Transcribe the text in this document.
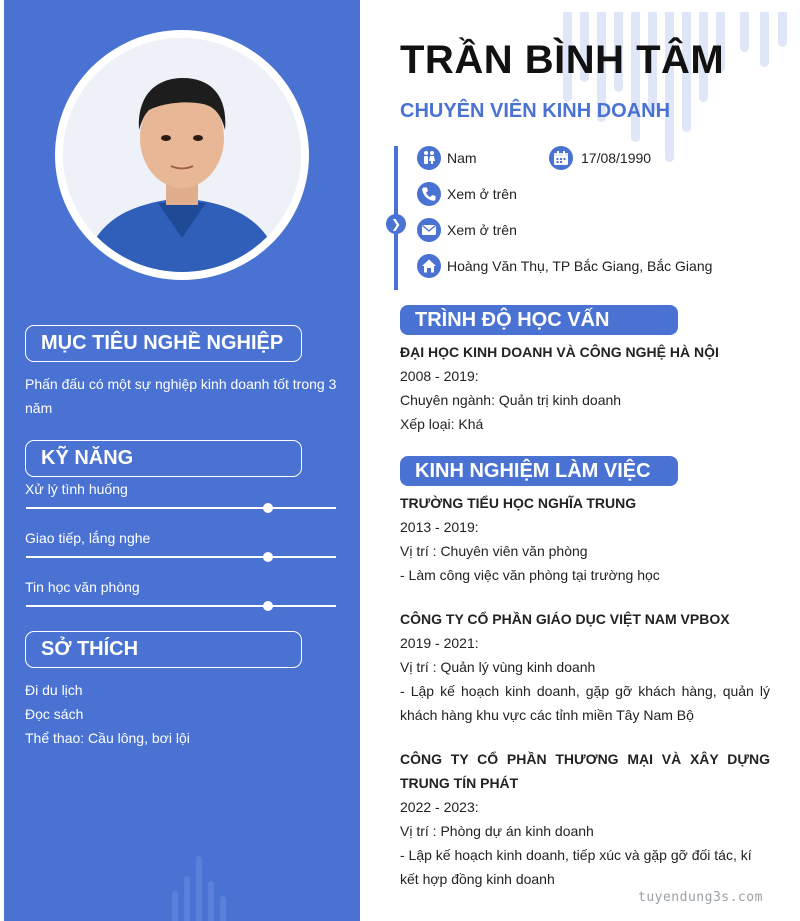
MỤC TIÊU NGHỀ NGHIỆP
Phấn đấu có một sự nghiệp kinh doanh tốt trong 3 năm
KỸ NĂNG
Xử lý tình huống
Giao tiếp, lắng nghe
Tin học văn phòng
SỞ THÍCH
Đi du lịch
Đọc sách
Thể thao: Cầu lông, bơi lội
TRẦN BÌNH TÂM
CHUYÊN VIÊN KINH DOANH
❯
Nam	17/08/1990
Xem ở trên
Xem ở trên
Hoàng Văn Thụ, TP Bắc Giang, Bắc Giang
TRÌNH ĐỘ HỌC VẤN
ĐẠI HỌC KINH DOANH VÀ CÔNG NGHỆ HÀ NỘI
2008 - 2019:
Chuyên ngành: Quản trị kinh doanh
Xếp loại: Khá
KINH NGHIỆM LÀM VIỆC
TRƯỜNG TIỂU HỌC NGHĨA TRUNG
2013 - 2019:
Vị trí : Chuyên viên văn phòng
- Làm công việc văn phòng tại trường học
CÔNG TY CỔ PHẦN GIÁO DỤC VIỆT NAM VPBOX
2019 - 2021:
Vị trí : Quản lý vùng kinh doanh
- Lập kế hoạch kinh doanh, gặp gỡ khách hàng, quản lý khách hàng khu vực các tỉnh miền Tây Nam Bộ
CÔNG TY CỔ PHẦN THƯƠNG MẠI VÀ XÂY DỰNG TRUNG TÍN PHÁT
2022 - 2023:
Vị trí : Phòng dự án kinh doanh
- Lập kế hoạch kinh doanh, tiếp xúc và gặp gỡ đối tác, kí kết hợp đồng kinh doanh
tuyendung3s.com
